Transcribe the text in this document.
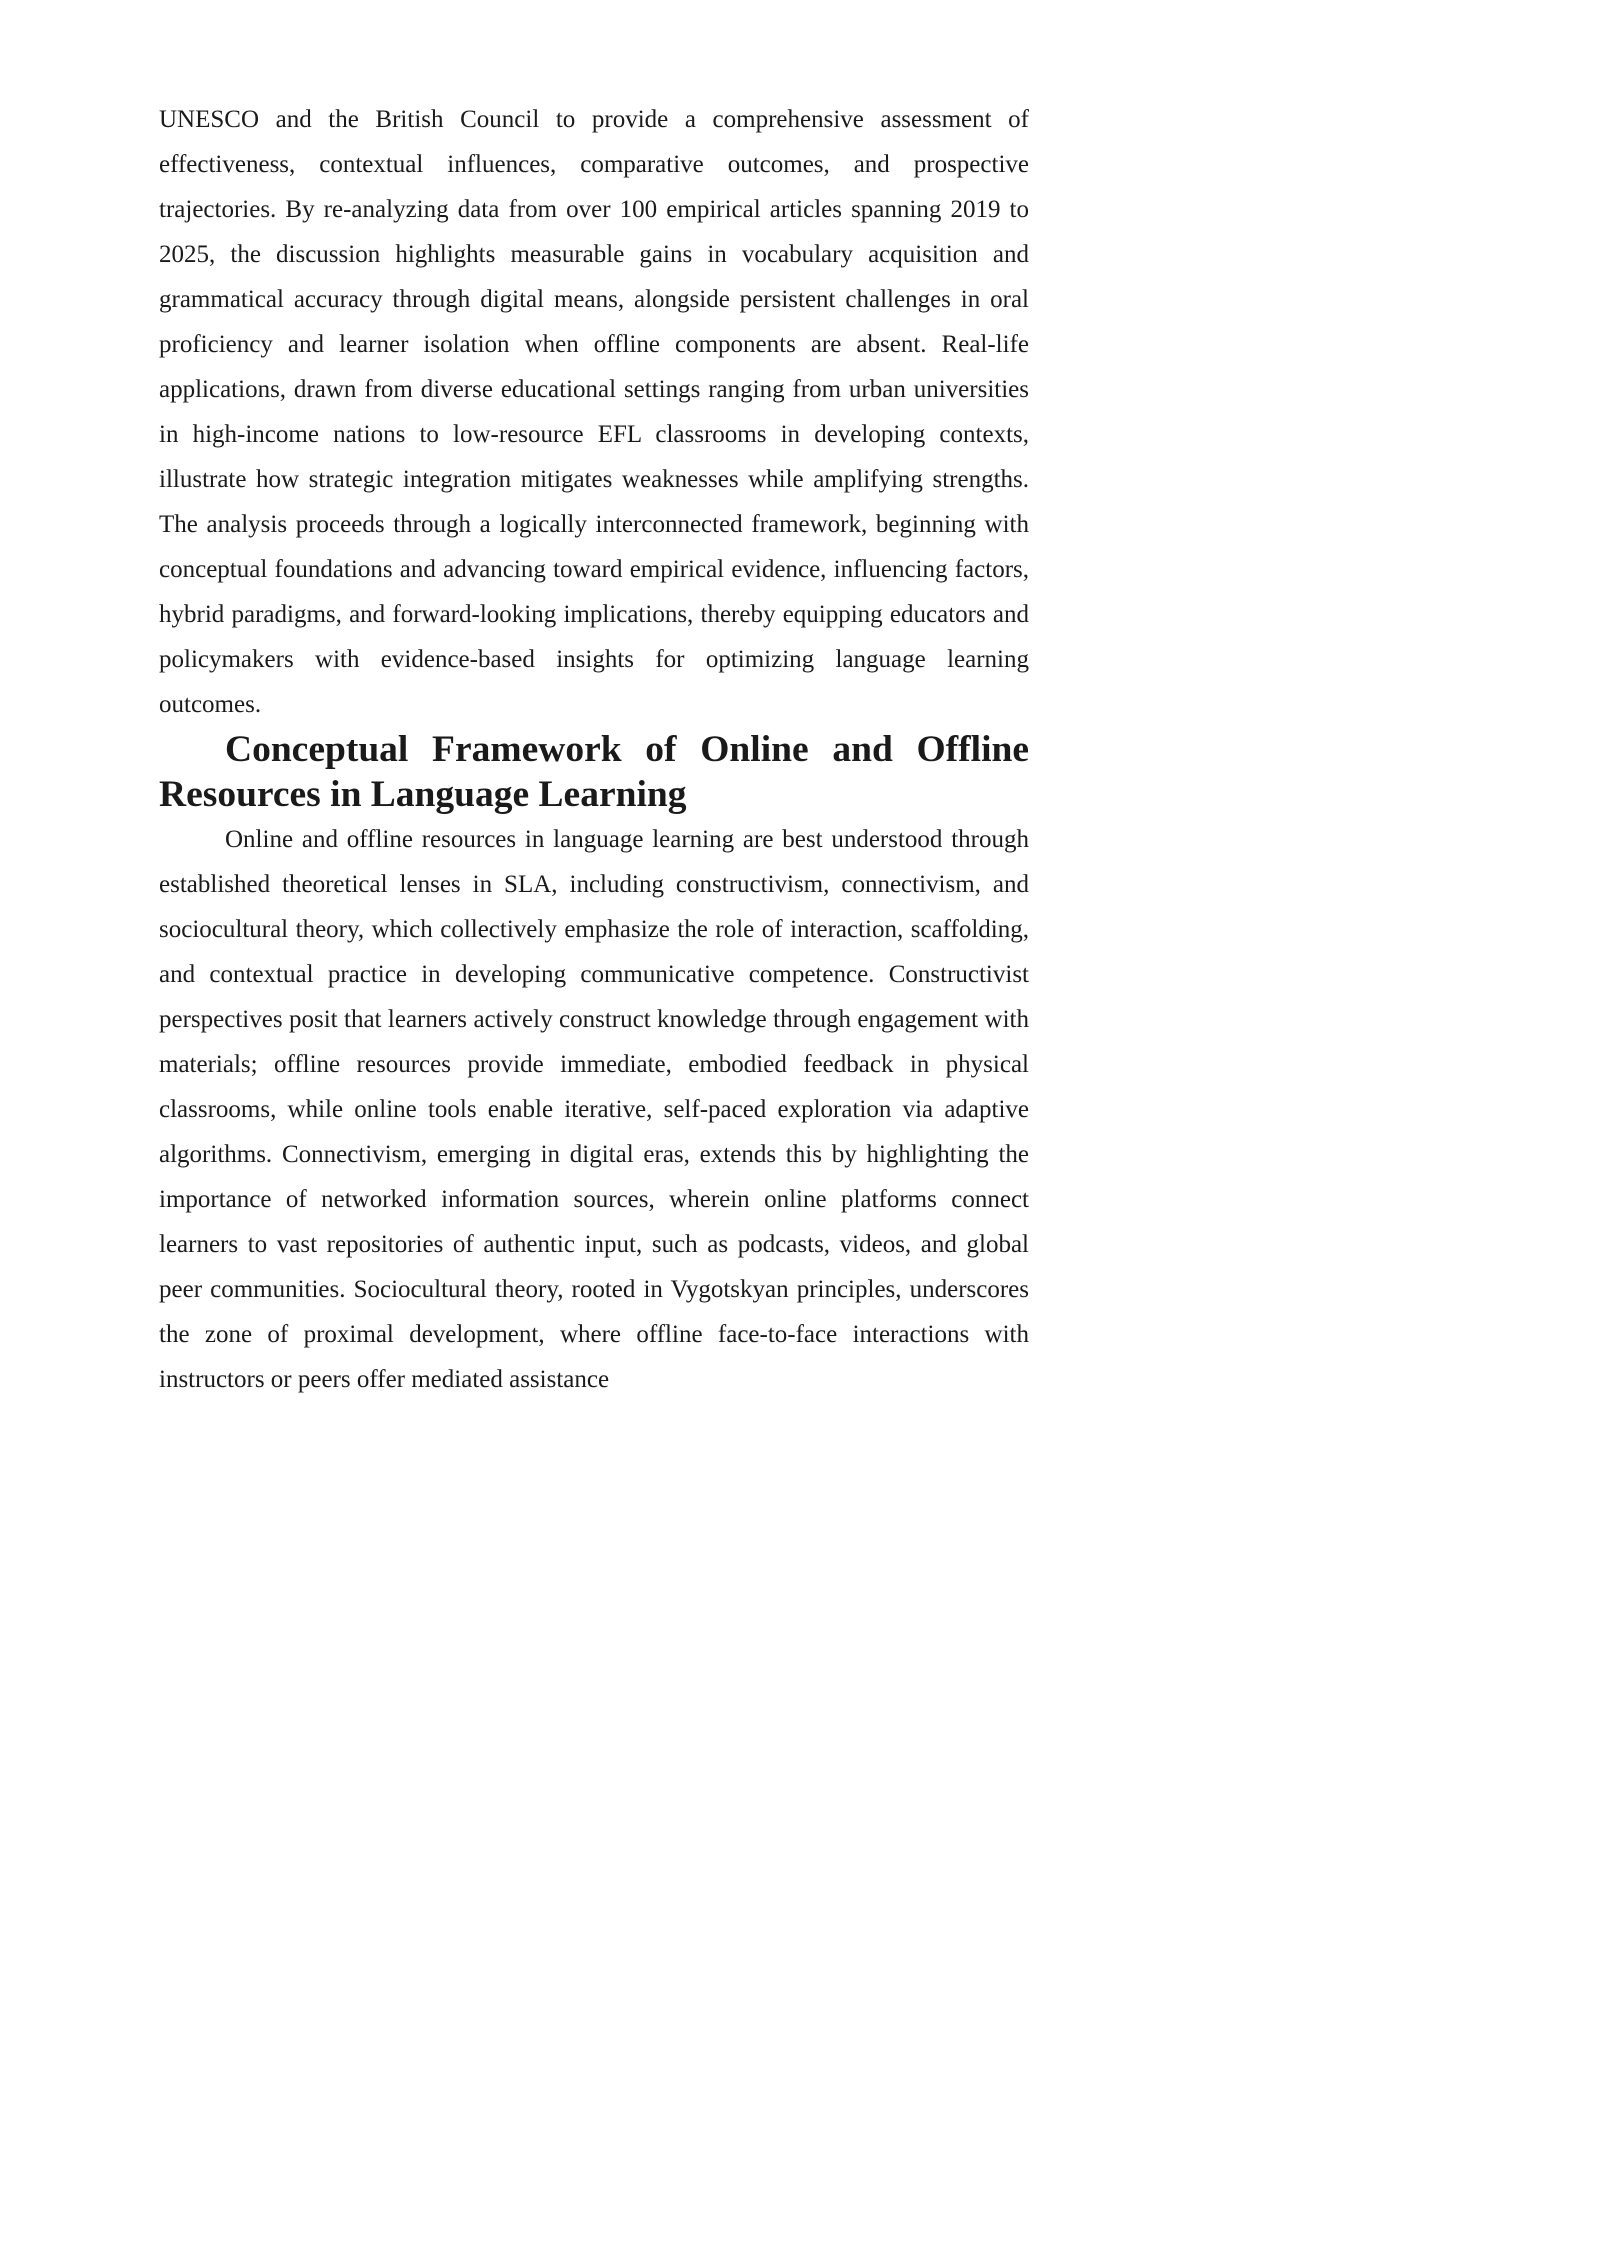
UNESCO and the British Council to provide a comprehensive assessment of effectiveness, contextual influences, comparative outcomes, and prospective trajectories. By re-analyzing data from over 100 empirical articles spanning 2019 to 2025, the discussion highlights measurable gains in vocabulary acquisition and grammatical accuracy through digital means, alongside persistent challenges in oral proficiency and learner isolation when offline components are absent. Real-life applications, drawn from diverse educational settings ranging from urban universities in high-income nations to low-resource EFL classrooms in developing contexts, illustrate how strategic integration mitigates weaknesses while amplifying strengths. The analysis proceeds through a logically interconnected framework, beginning with conceptual foundations and advancing toward empirical evidence, influencing factors, hybrid paradigms, and forward-looking implications, thereby equipping educators and policymakers with evidence-based insights for optimizing language learning outcomes.

Conceptual Framework of Online and Offline Resources in Language Learning

Online and offline resources in language learning are best understood through established theoretical lenses in SLA, including constructivism, connectivism, and sociocultural theory, which collectively emphasize the role of interaction, scaffolding, and contextual practice in developing communicative competence. Constructivist perspectives posit that learners actively construct knowledge through engagement with materials; offline resources provide immediate, embodied feedback in physical classrooms, while online tools enable iterative, self-paced exploration via adaptive algorithms. Connectivism, emerging in digital eras, extends this by highlighting the importance of networked information sources, wherein online platforms connect learners to vast repositories of authentic input, such as podcasts, videos, and global peer communities. Sociocultural theory, rooted in Vygotskyan principles, underscores the zone of proximal development, where offline face-to-face interactions with instructors or peers offer mediated assistance
